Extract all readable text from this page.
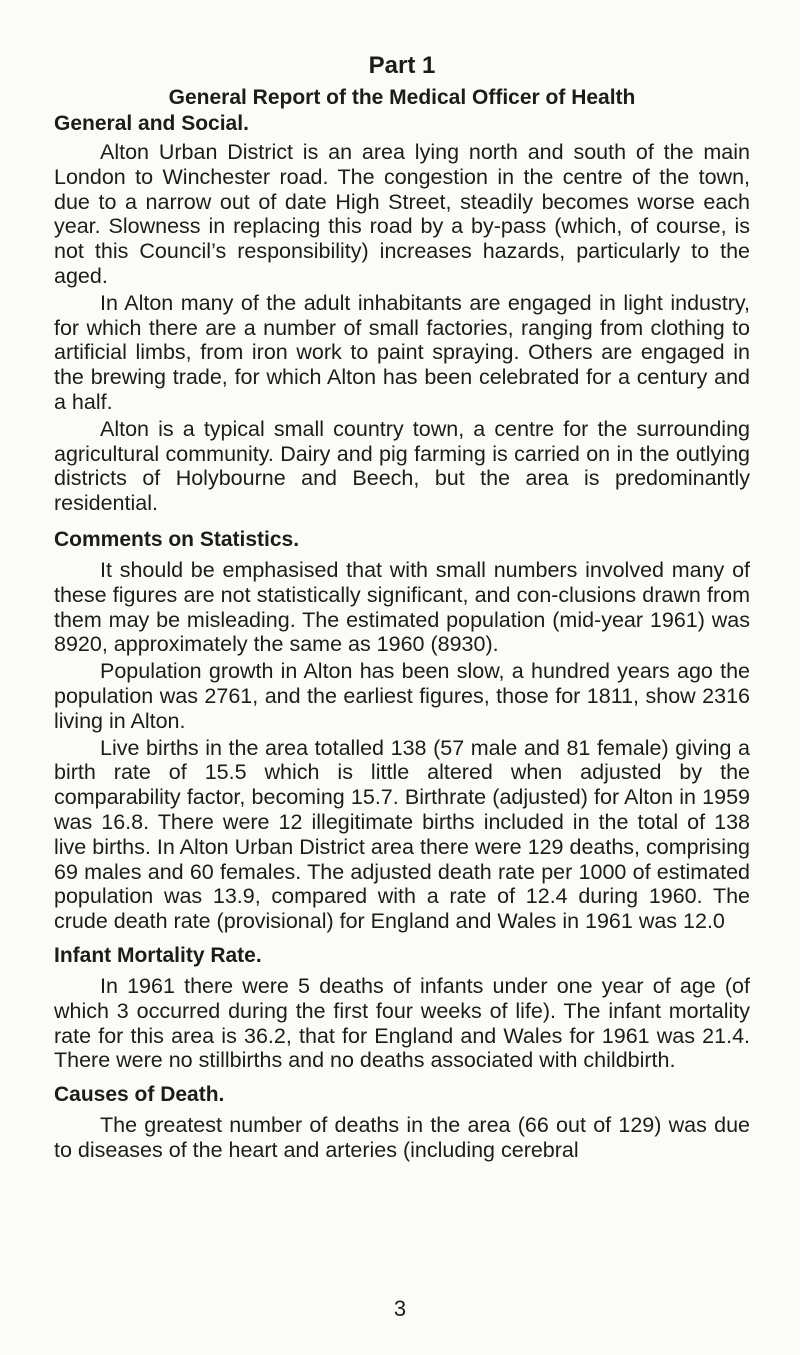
Part 1
General Report of the Medical Officer of Health
General and Social.

Alton Urban District is an area lying north and south of the main London to Winchester road. The congestion in the centre of the town, due to a narrow out of date High Street, steadily becomes worse each year. Slowness in replacing this road by a by-pass (which, of course, is not this Council’s responsibility) increases hazards, particularly to the aged.

In Alton many of the adult inhabitants are engaged in light industry, for which there are a number of small factories, ranging from clothing to artificial limbs, from iron work to paint spraying. Others are engaged in the brewing trade, for which Alton has been celebrated for a century and a half.

Alton is a typical small country town, a centre for the surrounding agricultural community. Dairy and pig farming is carried on in the outlying districts of Holybourne and Beech, but the area is predominantly residential.

Comments on Statistics.

It should be emphasised that with small numbers involved many of these figures are not statistically significant, and con-clusions drawn from them may be misleading. The estimated population (mid-year 1961) was 8920, approximately the same as 1960 (8930).

Population growth in Alton has been slow, a hundred years ago the population was 2761, and the earliest figures, those for 1811, show 2316 living in Alton.

Live births in the area totalled 138 (57 male and 81 female) giving a birth rate of 15.5 which is little altered when adjusted by the comparability factor, becoming 15.7. Birthrate (adjusted) for Alton in 1959 was 16.8. There were 12 illegitimate births included in the total of 138 live births. In Alton Urban District area there were 129 deaths, comprising 69 males and 60 females. The adjusted death rate per 1000 of estimated population was 13.9, compared with a rate of 12.4 during 1960. The crude death rate (provisional) for England and Wales in 1961 was 12.0

Infant Mortality Rate.

In 1961 there were 5 deaths of infants under one year of age (of which 3 occurred during the first four weeks of life). The infant mortality rate for this area is 36.2, that for England and Wales for 1961 was 21.4. There were no stillbirths and no deaths associated with childbirth.

Causes of Death.

The greatest number of deaths in the area (66 out of 129) was due to diseases of the heart and arteries (including cerebral

3
